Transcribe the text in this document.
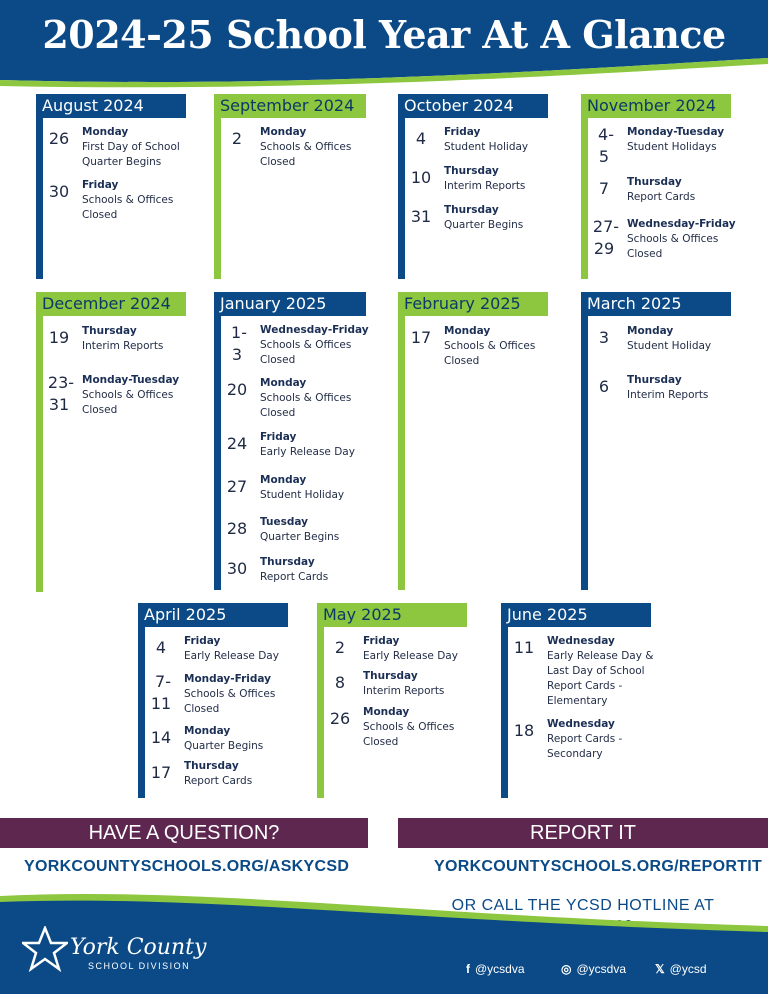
2024-25 School Year At A Glance
August 2024
26 Monday
First Day of School
Quarter Begins
30 Friday
Schools & Offices
Closed
September 2024
2	Monday
Schools & Offices
Closed
October 2024
4	Friday
Student Holiday
10 Thursday
Interim Reports
31 Thursday
Quarter Begins
November 2024
4-
5
Monday-Tuesday
Student Holidays
7	Thursday
Report Cards
27-
29
Wednesday-Friday
Schools & Offices
Closed
December 2024
19 Thursday
Interim Reports
23-
31
Monday-Tuesday
Schools & Offices
Closed
January 2025
1-
3
Wednesday-Friday
Schools & Offices
Closed
20 Monday
Schools & Offices
Closed
24 Friday
Early Release Day
27 Monday
Student Holiday
28 Tuesday
Quarter Begins
30 Thursday
Report Cards
February 2025
17 Monday
Schools & Offices
Closed
March 2025
3	Monday
Student Holiday
6	Thursday
Interim Reports
April 2025
4	Friday
Early Release Day
7-
11
Monday-Friday
Schools & Offices
Closed
14 Monday
Quarter Begins
17 Thursday
Report Cards
May 2025
2	Friday
Early Release Day
8	Thursday
Interim Reports
26 Monday
Schools & Offices
Closed
June 2025
11 Wednesday
Early Release Day &
Last Day of School
Report Cards -
Elementary
18 Wednesday
Report Cards -
Secondary
HAVE A QUESTION?	REPORT IT
YORKCOUNTYSCHOOLS.ORG/ASKYCSD	YORKCOUNTYSCHOOLS.ORG/REPORTIT
OR CALL THE YCSD HOTLINE AT
York County
SCHOOL DIVISION	f @ycsdva	◎ @ycsdva 𝕏 @ycsd
